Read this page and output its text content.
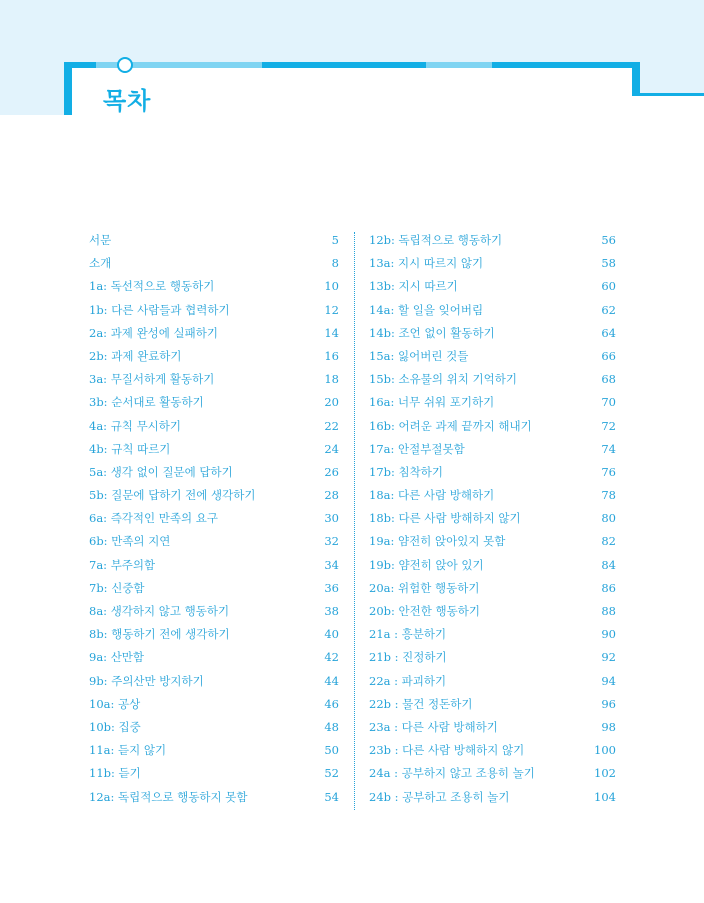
목차
서문	5
소개	8
1a: 독선적으로 행동하기	10
1b: 다른 사람들과 협력하기	12
2a: 과제 완성에 실패하기	14
2b: 과제 완료하기	16
3a: 무질서하게 활동하기	18
3b: 순서대로 활동하기	20
4a: 규칙 무시하기	22
4b: 규칙 따르기	24
5a: 생각 없이 질문에 답하기	26
5b: 질문에 답하기 전에 생각하기	28
6a: 즉각적인 만족의 요구	30
6b: 만족의 지연	32
7a: 부주의함	34
7b: 신중함	36
8a: 생각하지 않고 행동하기	38
8b: 행동하기 전에 생각하기	40
9a: 산만함	42
9b: 주의산만 방지하기	44
10a: 공상	46
10b: 집중	48
11a: 듣지 않기	50
11b: 듣기	52
12a: 독립적으로 행동하지 못함	54
12b: 독립적으로 행동하기	56
13a: 지시 따르지 않기	58
13b: 지시 따르기	60
14a: 할 일을 잊어버림	62
14b: 조언 없이 활동하기	64
15a: 잃어버린 것들	66
15b: 소유물의 위치 기억하기	68
16a: 너무 쉬워 포기하기	70
16b: 어려운 과제 끝까지 해내기	72
17a: 안절부절못함	74
17b: 침착하기	76
18a: 다른 사람 방해하기	78
18b: 다른 사람 방해하지 않기	80
19a: 얌전히 앉아있지 못함	82
19b: 얌전히 앉아 있기	84
20a: 위험한 행동하기	86
20b: 안전한 행동하기	88
21a : 흥분하기	90
21b : 진정하기	92
22a : 파괴하기	94
22b : 물건 정돈하기	96
23a : 다른 사람 방해하기	98
23b : 다른 사람 방해하지 않기	100
24a : 공부하지 않고 조용히 놀기	102
24b : 공부하고 조용히 놀기	104
